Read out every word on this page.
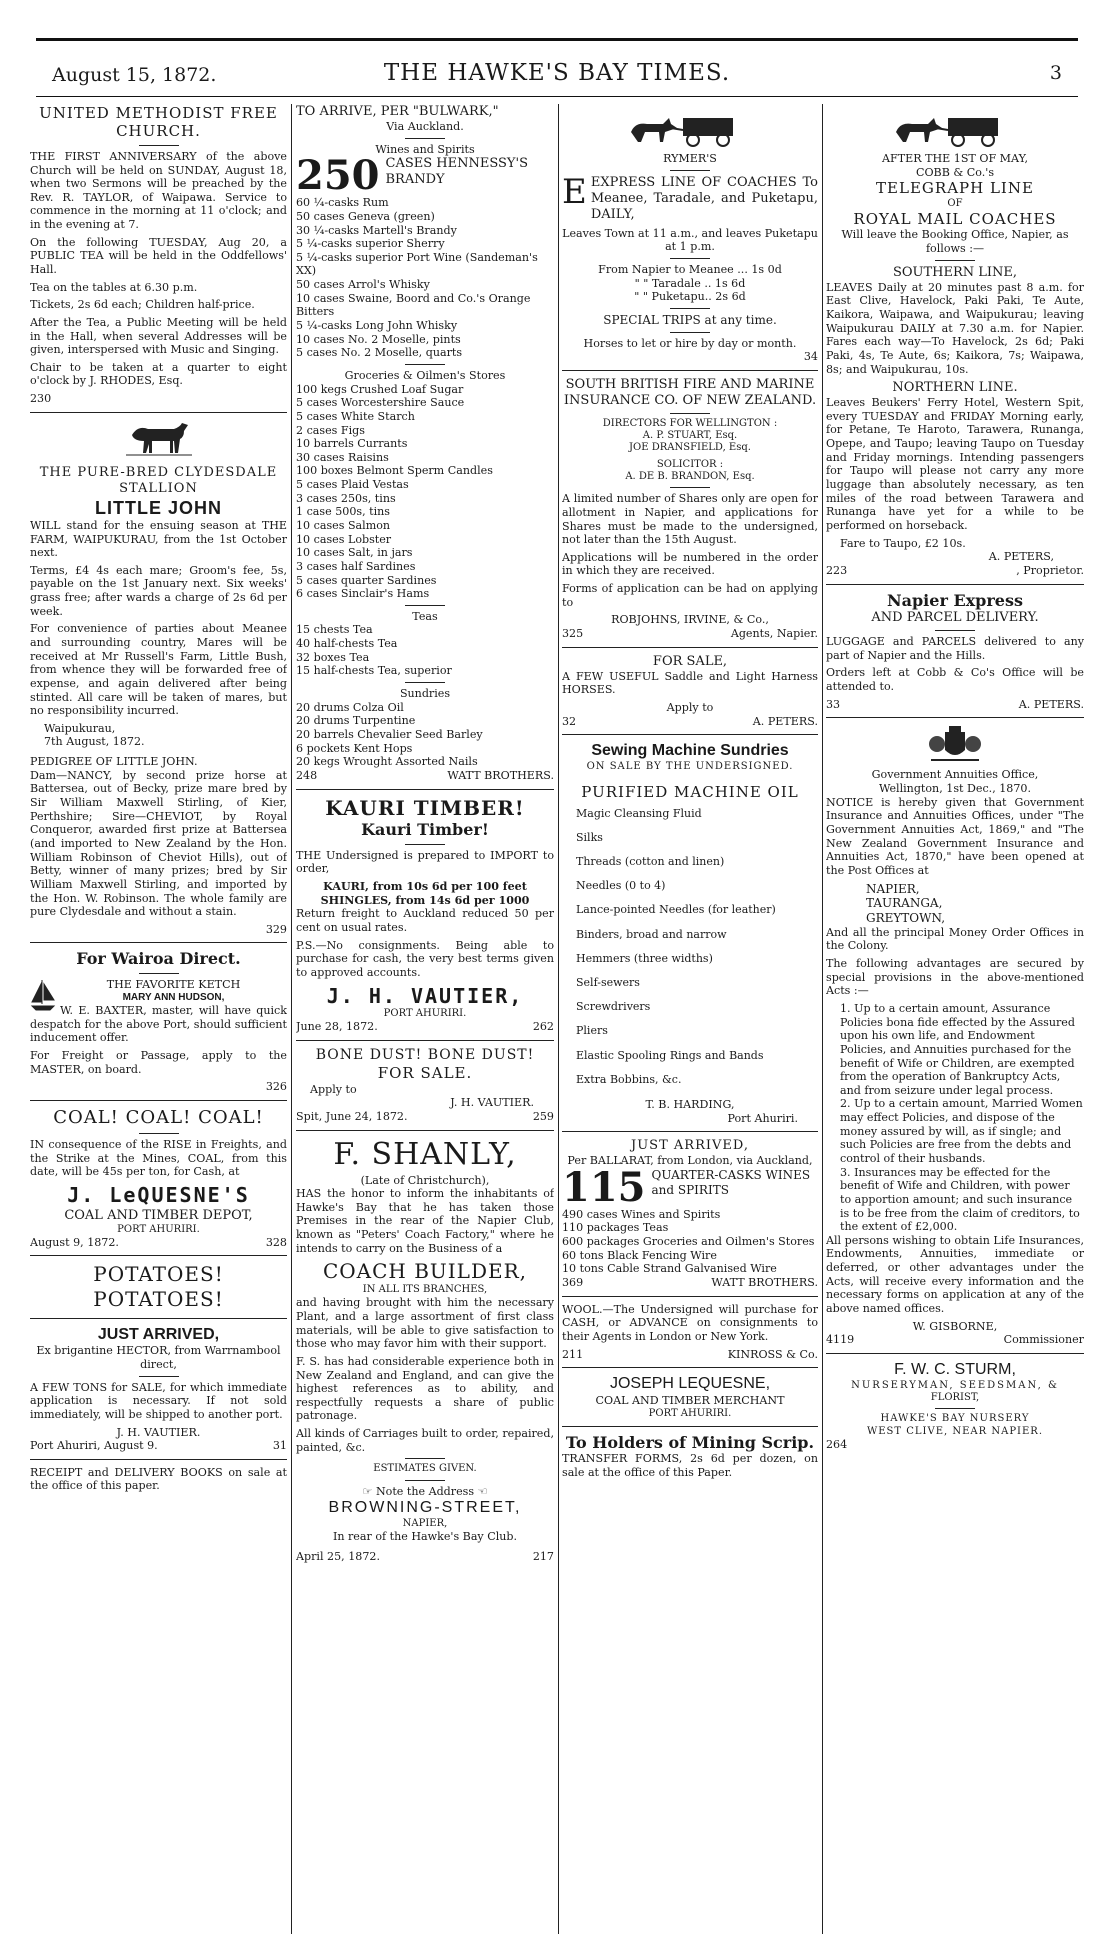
August 15, 1872.	THE HAWKE'S BAY TIMES.	3
UNITED METHODIST FREE
CHURCH.

THE FIRST ANNIVERSARY of the above Church will be held on SUNDAY, August 18, when two Sermons will be preached by the Rev. R. TAYLOR, of Waipawa. Service to commence in the morning at 11 o'clock; and in the evening at 7.

On the following TUESDAY, Aug 20, a PUBLIC TEA will be held in the Oddfellows' Hall.

Tea on the tables at 6.30 p.m.

Tickets, 2s 6d each; Children half-price.

After the Tea, a Public Meeting will be held in the Hall, when several Addresses will be given, interspersed with Music and Singing.

Chair to be taken at a quarter to eight o'clock by J. RHODES, Esq.

230
THE PURE-BRED CLYDESDALE
STALLION
LITTLE JOHN

WILL stand for the ensuing season at THE FARM, WAIPUKURAU, from the 1st October next.

Terms, £4 4s each mare; Groom's fee, 5s, payable on the 1st January next. Six weeks' grass free; after wards a charge of 2s 6d per week.

For convenience of parties about Meanee and surrounding country, Mares will be received at Mr Russell's Farm, Little Bush, from whence they will be forwarded free of expense, and again delivered after being stinted. All care will be taken of mares, but no responsibility incurred.

Waipukurau,
7th August, 1872.
PEDIGREE OF LITTLE JOHN.

Dam—NANCY, by second prize horse at Battersea, out of Becky, prize mare bred by Sir William Maxwell Stirling, of Kier, Perthshire; Sire—CHEVIOT, by Royal Conqueror, awarded first prize at Battersea (and imported to New Zealand by the Hon. William Robinson of Cheviot Hills), out of Betty, winner of many prizes; bred by Sir William Maxwell Stirling, and imported by the Hon. W. Robinson. The whole family are pure Clydesdale and without a stain.

329
For Wairoa Direct.
THE FAVORITE KETCH
MARY ANN HUDSON,

W. E. BAXTER, master, will have quick despatch for the above Port, should sufficient inducement offer.

For Freight or Passage, apply to the MASTER, on board.

326
COAL! COAL! COAL!

IN consequence of the RISE in Freights, and the Strike at the Mines, COAL, from this date, will be 45s per ton, for Cash, at

J. LeQUESNE'S
COAL AND TIMBER DEPOT,
PORT AHURIRI.
August 9, 1872.	328
POTATOES! POTATOES!
JUST ARRIVED,
Ex brigantine HECTOR, from Warrnambool direct,

A FEW TONS for SALE, for which immediate application is necessary. If not sold immediately, will be shipped to another port.

J. H. VAUTIER.
Port Ahuriri, August 9.	31

RECEIPT and DELIVERY BOOKS on sale at the office of this paper.

TO ARRIVE, PER "BULWARK,"
Via Auckland.
Wines and Spirits
250 CASES HENNESSY'S BRANDY
60 ¼-casks Rum
50 cases Geneva (green)
30 ¼-casks Martell's Brandy
5 ¼-casks superior Sherry
5 ¼-casks superior Port Wine (Sandeman's XX)
50 cases Arrol's Whisky
10 cases Swaine, Boord and Co.'s Orange Bitters
5 ¼-casks Long John Whisky
10 cases No. 2 Moselle, pints
5 cases No. 2 Moselle, quarts
Groceries & Oilmen's Stores
100 kegs Crushed Loaf Sugar
5 cases Worcestershire Sauce
5 cases White Starch
2 cases Figs
10 barrels Currants
30 cases Raisins
100 boxes Belmont Sperm Candles
5 cases Plaid Vestas
3 cases 250s, tins
1 case 500s, tins
10 cases Salmon
10 cases Lobster
10 cases Salt, in jars
3 cases half Sardines
5 cases quarter Sardines
6 cases Sinclair's Hams
Teas
15 chests Tea
40 half-chests Tea
32 boxes Tea
15 half-chests Tea, superior
Sundries
20 drums Colza Oil
20 drums Turpentine
20 barrels Chevalier Seed Barley
6 pockets Kent Hops
20 kegs Wrought Assorted Nails
248	WATT BROTHERS.
KAURI TIMBER!
Kauri Timber!

THE Undersigned is prepared to IMPORT to order,

KAURI, from 10s 6d per 100 feet
SHINGLES, from 14s 6d per 1000

Return freight to Auckland reduced 50 per cent on usual rates.

P.S.—No consignments. Being able to purchase for cash, the very best terms given to approved accounts.

J. H. VAUTIER,
PORT AHURIRI.
June 28, 1872.	262
BONE DUST! BONE DUST!
FOR SALE.
Apply to
J. H. VAUTIER.
Spit, June 24, 1872.	259
F. SHANLY,
(Late of Christchurch),

HAS the honor to inform the inhabitants of Hawke's Bay that he has taken those Premises in the rear of the Napier Club, known as "Peters' Coach Factory," where he intends to carry on the Business of a

COACH BUILDER,
IN ALL ITS BRANCHES,

and having brought with him the necessary Plant, and a large assortment of first class materials, will be able to give satisfaction to those who may favor him with their support.

F. S. has had considerable experience both in New Zealand and England, and can give the highest references as to ability, and respectfully requests a share of public patronage.

All kinds of Carriages built to order, repaired, painted, &c.

ESTIMATES GIVEN.
☞ Note the Address ☜
BROWNING-STREET,
NAPIER,
In rear of the Hawke's Bay Club.
April 25, 1872.	217
RYMER'S

EEXPRESS LINE OF COACHES To Meanee, Taradale, and Puketapu, DAILY,

Leaves Town at 11 a.m., and leaves Puketapu at 1 p.m.

From Napier to Meanee ... 1s 0d
" " Taradale .. 1s 6d
" " Puketapu.. 2s 6d
SPECIAL TRIPS at any time.
Horses to let or hire by day or month.
34
SOUTH BRITISH FIRE AND MARINE INSURANCE CO. OF NEW ZEALAND.
DIRECTORS FOR WELLINGTON :
A. P. STUART, Esq.
JOE DRANSFIELD, Esq.
SOLICITOR :
A. DE B. BRANDON, Esq.

A limited number of Shares only are open for allotment in Napier, and applications for Shares must be made to the undersigned, not later than the 15th August.

Applications will be numbered in the order in which they are received.

Forms of application can be had on applying to

ROBJOHNS, IRVINE, & Co.,
325	Agents, Napier.
FOR SALE,

A FEW USEFUL Saddle and Light Harness HORSES.

Apply to
32	A. PETERS.
Sewing Machine Sundries
ON SALE BY THE UNDERSIGNED.
PURIFIED MACHINE OIL
Magic Cleansing Fluid
Silks
Threads (cotton and linen)
Needles (0 to 4)
Lance-pointed Needles (for leather)
Binders, broad and narrow
Hemmers (three widths)
Self-sewers
Screwdrivers
Pliers
Elastic Spooling Rings and Bands
Extra Bobbins, &c.
T. B. HARDING,
Port Ahuriri.
JUST ARRIVED,
Per BALLARAT, from London, via Auckland,
115 QUARTER-CASKS WINES and SPIRITS
490 cases Wines and Spirits
110 packages Teas
600 packages Groceries and Oilmen's Stores
60 tons Black Fencing Wire
10 tons Cable Strand Galvanised Wire
369	WATT BROTHERS.

WOOL.—The Undersigned will purchase for CASH, or ADVANCE on consignments to their Agents in London or New York.

211	KINROSS & Co.
JOSEPH LEQUESNE,
COAL AND TIMBER MERCHANT
PORT AHURIRI.
To Holders of Mining Scrip.

TRANSFER FORMS, 2s 6d per dozen, on sale at the office of this Paper.

AFTER THE 1ST OF MAY,
COBB & Co.'s
TELEGRAPH LINE
OF
ROYAL MAIL COACHES
Will leave the Booking Office, Napier, as follows :—
SOUTHERN LINE,

LEAVES Daily at 20 minutes past 8 a.m. for East Clive, Havelock, Paki Paki, Te Aute, Kaikora, Waipawa, and Waipukurau; leaving Waipukurau DAILY at 7.30 a.m. for Napier. Fares each way—To Havelock, 2s 6d; Paki Paki, 4s, Te Aute, 6s; Kaikora, 7s; Waipawa, 8s; and Waipukurau, 10s.

NORTHERN LINE.

Leaves Beukers' Ferry Hotel, Western Spit, every TUESDAY and FRIDAY Morning early, for Petane, Te Haroto, Tarawera, Runanga, Opepe, and Taupo; leaving Taupo on Tuesday and Friday mornings. Intending passengers for Taupo will please not carry any more luggage than absolutely necessary, as ten miles of the road between Tarawera and Runanga have yet for a while to be performed on horseback.

Fare to Taupo, £2 10s.
A. PETERS,
223	, Proprietor.
Napier Express
AND PARCEL DELIVERY.

LUGGAGE and PARCELS delivered to any part of Napier and the Hills.

Orders left at Cobb & Co's Office will be attended to.

33	A. PETERS.
Government Annuities Office,
Wellington, 1st Dec., 1870.

NOTICE is hereby given that Government Insurance and Annuities Offices, under "The Government Annuities Act, 1869," and "The New Zealand Government Insurance and Annuities Act, 1870," have been opened at the Post Offices at

NAPIER,
TAURANGA,
GREYTOWN,

And all the principal Money Order Offices in the Colony.

The following advantages are secured by special provisions in the above-mentioned Acts :—

1. Up to a certain amount, Assurance Policies bona fide effected by the Assured upon his own life, and Endowment Policies, and Annuities purchased for the benefit of Wife or Children, are exempted from the operation of Bankruptcy Acts, and from seizure under legal process.
2. Up to a certain amount, Married Women may effect Policies, and dispose of the money assured by will, as if single; and such Policies are free from the debts and control of their husbands.
3. Insurances may be effected for the benefit of Wife and Children, with power to apportion amount; and such insurance is to be free from the claim of creditors, to the extent of £2,000.

All persons wishing to obtain Life Insurances, Endowments, Annuities, immediate or deferred, or other advantages under the Acts, will receive every information and the necessary forms on application at any of the above named offices.

W. GISBORNE,
4119	Commissioner
F. W. C. STURM,
NURSERYMAN, SEEDSMAN, &
FLORIST,
HAWKE'S BAY NURSERY
WEST CLIVE, NEAR NAPIER.
264
